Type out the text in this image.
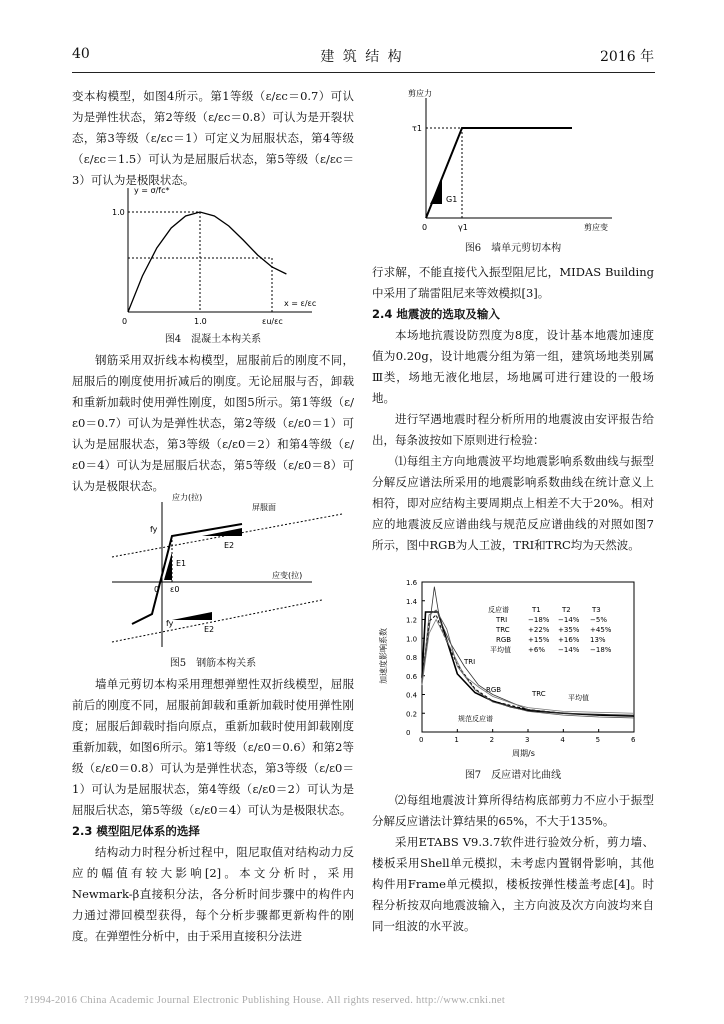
40	建 筑 结 构	2016 年

变本构模型，如图4所示。第1等级（ε/εc＝0.7）可认为是弹性状态，第2等级（ε/εc＝0.8）可认为是开裂状态，第3等级（ε/εc＝1）可定义为屈服状态，第4等级（ε/εc＝1.5）可认为是屈服后状态，第5等级（ε/εc＝3）可认为是极限状态。

y = σ/fc*
x = ε/εc
1.0
1.0	εu/εc
0
图4　混凝土本构关系

钢筋采用双折线本构模型，屈服前后的刚度不同，屈服后的刚度使用折减后的刚度。无论屈服与否，卸载和重新加载时使用弹性刚度，如图5所示。第1等级（ε/ε0＝0.7）可认为是弹性状态，第2等级（ε/ε0＝1）可认为是屈服状态，第3等级（ε/ε0＝2）和第4等级（ε/ε0＝4）可认为是屈服后状态，第5等级（ε/ε0＝8）可认为是极限状态。

应力(拉)
应变(拉)
屏服面
fy
fy
E1
E2
E2
ε0
0
图5　钢筋本构关系

墙单元剪切本构采用理想弹塑性双折线模型，屈服前后的刚度不同，屈服前卸载和重新加载时使用弹性刚度；屈服后卸载时指向原点，重新加载时使用卸载刚度重新加载，如图6所示。第1等级（ε/ε0＝0.6）和第2等级（ε/ε0＝0.8）可认为是弹性状态，第3等级（ε/ε0＝1）可认为是屈服状态，第4等级（ε/ε0＝2）可认为是屈服后状态，第5等级（ε/ε0＝4）可认为是极限状态。

2.3 模型阻尼体系的选择

结构动力时程分析过程中，阻尼取值对结构动力反应的幅值有较大影响[2]。本文分析时，采用Newmark-β直接积分法，各分析时间步骤中的构件内力通过滞回模型获得，每个分析步骤都更新构件的刚度。在弹塑性分析中，由于采用直接积分法进

剪应力
剪应变
τ1
γ1
G1
0
图6　墙单元剪切本构

行求解，不能直接代入振型阻尼比，MIDAS Building中采用了瑞雷阻尼来等效模拟[3]。

2.4 地震波的选取及输入

本场地抗震设防烈度为8度，设计基本地震加速度值为0.20g，设计地震分组为第一组，建筑场地类别属Ⅲ类，场地无液化地层，场地属可进行建设的一般场地。

进行罕遇地震时程分析所用的地震波由安评报告给出，每条波按如下原则进行检验：

⑴每组主方向地震波平均地震影响系数曲线与振型分解反应谱法所采用的地震影响系数曲线在统计意义上相符，即对应结构主要周期点上相差不大于20%。相对应的地震波反应谱曲线与规范反应谱曲线的对照如图7所示，图中RGB为人工波，TRI和TRC均为天然波。

0	1	2	3	4	5	6
0
0.2
0.4
0.6
0.8
1.0
1.2
1.4
1.6
加速度影响系数
周期/s
反应谱	T1	T2	T3
TRI	−18% −14% −5%
TRC	+22% +35% +45%
RGB +15% +16% 13%
平均值 +6% −14% −18%
TRI
RGB	TRC	平均值
规范反应谱
图7　反应谱对比曲线

⑵每组地震波计算所得结构底部剪力不应小于振型分解反应谱法计算结果的65%，不大于135%。

采用ETABS V9.3.7软件进行验效分析，剪力墙、楼板采用Shell单元模拟，未考虑内置钢骨影响，其他构件用Frame单元模拟，楼板按弹性楼盖考虑[4]。时程分析按双向地震波输入，主方向波及次方向波均来自同一组波的水平波。

?1994-2016 China Academic Journal Electronic Publishing House. All rights reserved. http://www.cnki.net
